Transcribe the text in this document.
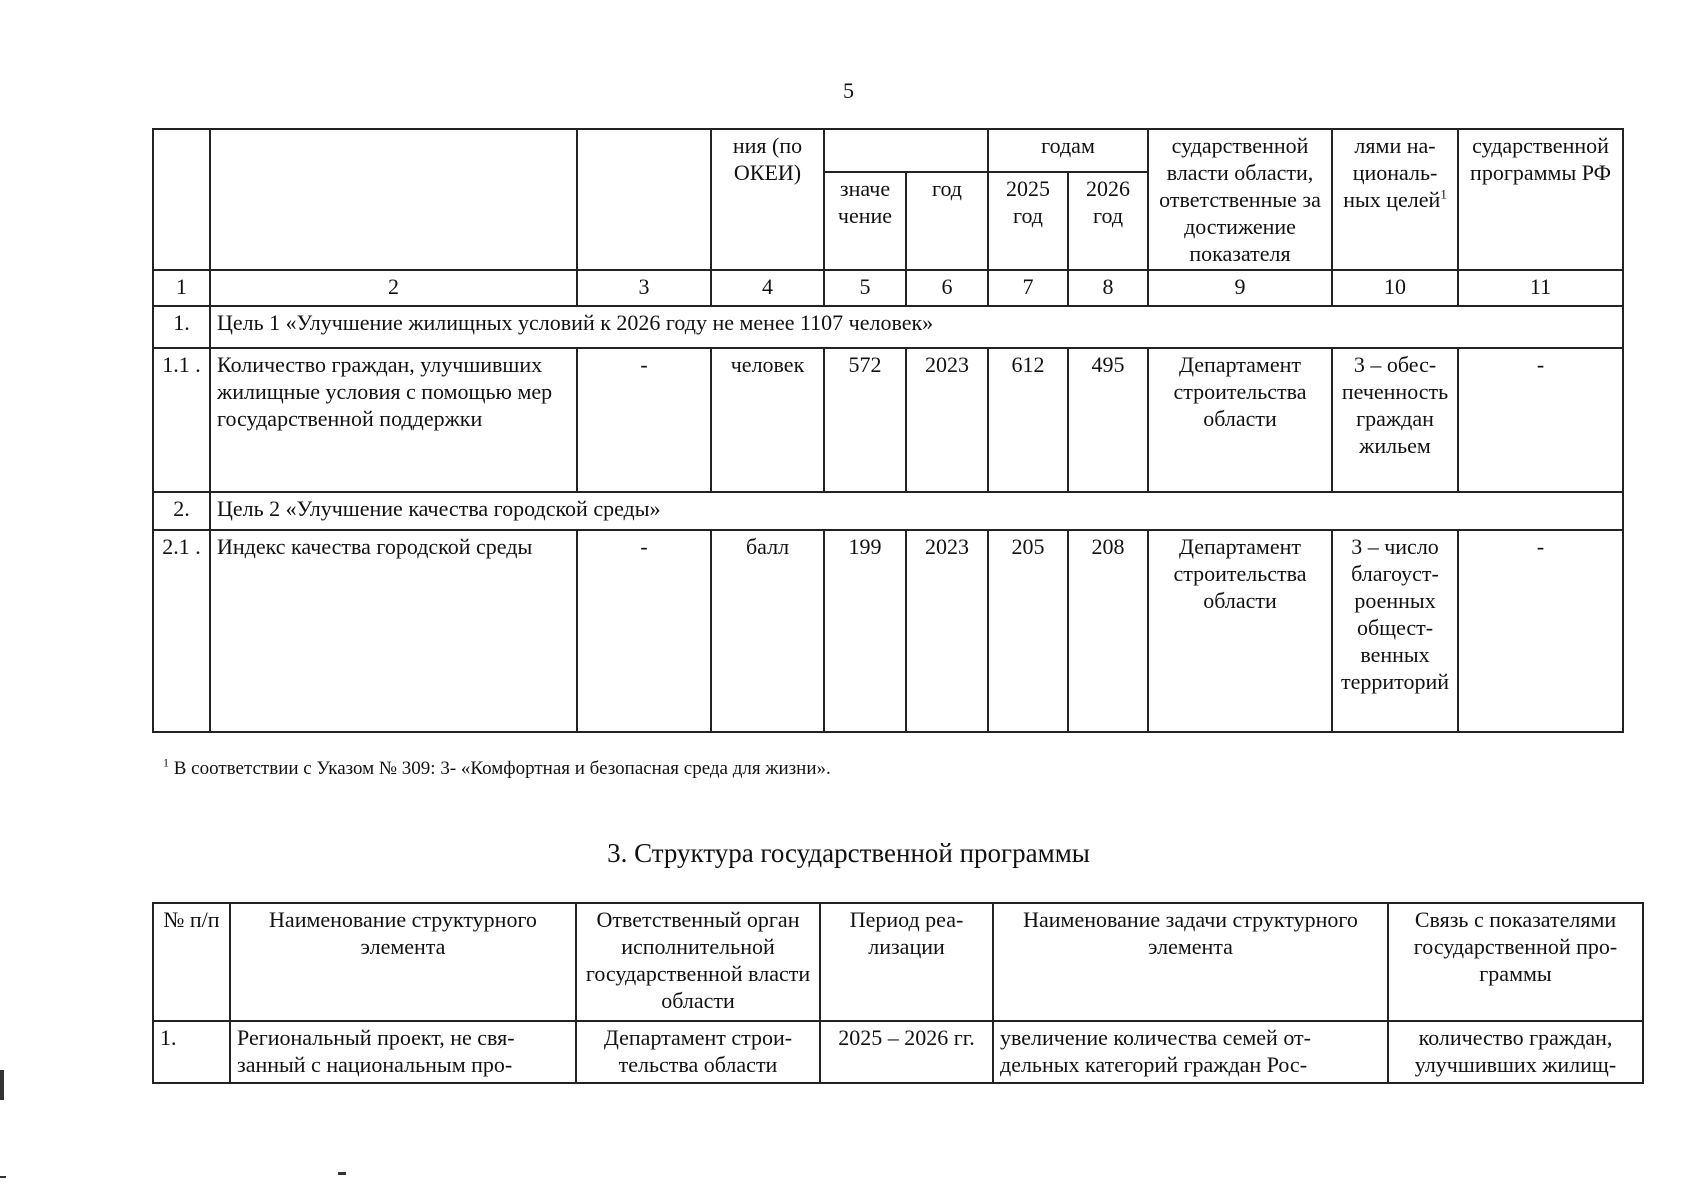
5
			ния (по ОКЕИ)			годам		сударственной власти области, ответственные за достижение показателя	лями национальных целей$^1$	сударственной программы РФ
				значе чение	год	2025 год	2026 год			
1	2	3	4	5	6	7	8	9	10	11
1.	Цель 1 «Улучшение жилищных условий к 2026 году не менее 1107 человек»									
1.1 .	Количество граждан, улучшивших жилищные условия с помощью мер государственной поддержки	-	человек	572	2023	612	495	Департамент строительства области	3 – обеспеченность граждан жильем	-
2.	Цель 2 «Улучшение качества городской среды»									
2.1 .	Индекс качества городской среды	-	балл	199	2023	205	208	Департамент строительства области	3 – число благоустроенных общественных территорий	-
$^1$ В соответствии с Указом № 309: 3- «Комфортная и безопасная среда для жизни».
3. Структура государственной программы
№ п/п	Наименование структурного элемента	Ответственный орган исполнительной государственной власти области	Период реализации	Наименование задачи структурного элемента	Связь с показателями государственной программы
1.	Региональный проект, не связанный с национальным про-	Департамент строительства области	2025 – 2026 гг.	увеличение количества семей отдельных категорий граждан Рос-	количество граждан, улучшивших жилищ-
